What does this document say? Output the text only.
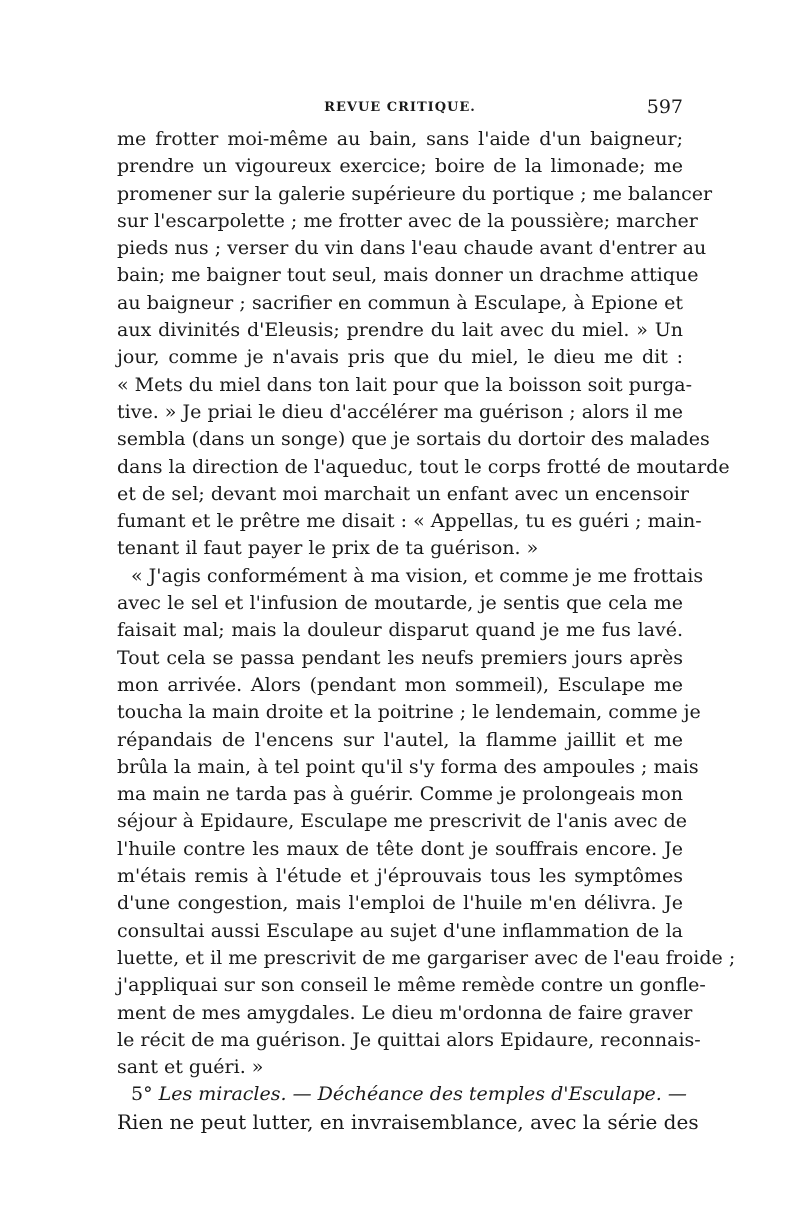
REVUE CRITIQUE.	597
me frotter moi-même au bain, sans l'aide d'un baigneur;
prendre un vigoureux exercice; boire de la limonade; me
promener sur la galerie supérieure du portique ; me balancer
sur l'escarpolette ; me frotter avec de la poussière; marcher
pieds nus ; verser du vin dans l'eau chaude avant d'entrer au
bain; me baigner tout seul, mais donner un drachme attique
au baigneur ; sacrifier en commun à Esculape, à Epione et
aux divinités d'Eleusis; prendre du lait avec du miel. » Un
jour, comme je n'avais pris que du miel, le dieu me dit :
« Mets du miel dans ton lait pour que la boisson soit purga-
tive. » Je priai le dieu d'accélérer ma guérison ; alors il me
sembla (dans un songe) que je sortais du dortoir des malades
dans la direction de l'aqueduc, tout le corps frotté de moutarde
et de sel; devant moi marchait un enfant avec un encensoir
fumant et le prêtre me disait : « Appellas, tu es guéri ; main-
tenant il faut payer le prix de ta guérison. »
« J'agis conformément à ma vision, et comme je me frottais
avec le sel et l'infusion de moutarde, je sentis que cela me
faisait mal; mais la douleur disparut quand je me fus lavé.
Tout cela se passa pendant les neufs premiers jours après
mon arrivée. Alors (pendant mon sommeil), Esculape me
toucha la main droite et la poitrine ; le lendemain, comme je
répandais de l'encens sur l'autel, la flamme jaillit et me
brûla la main, à tel point qu'il s'y forma des ampoules ; mais
ma main ne tarda pas à guérir. Comme je prolongeais mon
séjour à Epidaure, Esculape me prescrivit de l'anis avec de
l'huile contre les maux de tête dont je souffrais encore. Je
m'étais remis à l'étude et j'éprouvais tous les symptômes
d'une congestion, mais l'emploi de l'huile m'en délivra. Je
consultai aussi Esculape au sujet d'une inflammation de la
luette, et il me prescrivit de me gargariser avec de l'eau froide ;
j'appliquai sur son conseil le même remède contre un gonfle-
ment de mes amygdales. Le dieu m'ordonna de faire graver
le récit de ma guérison. Je quittai alors Epidaure, reconnais-
sant et guéri. »
5° Les miracles. — Déchéance des temples d'Esculape. —
Rien ne peut lutter, en invraisemblance, avec la série des
